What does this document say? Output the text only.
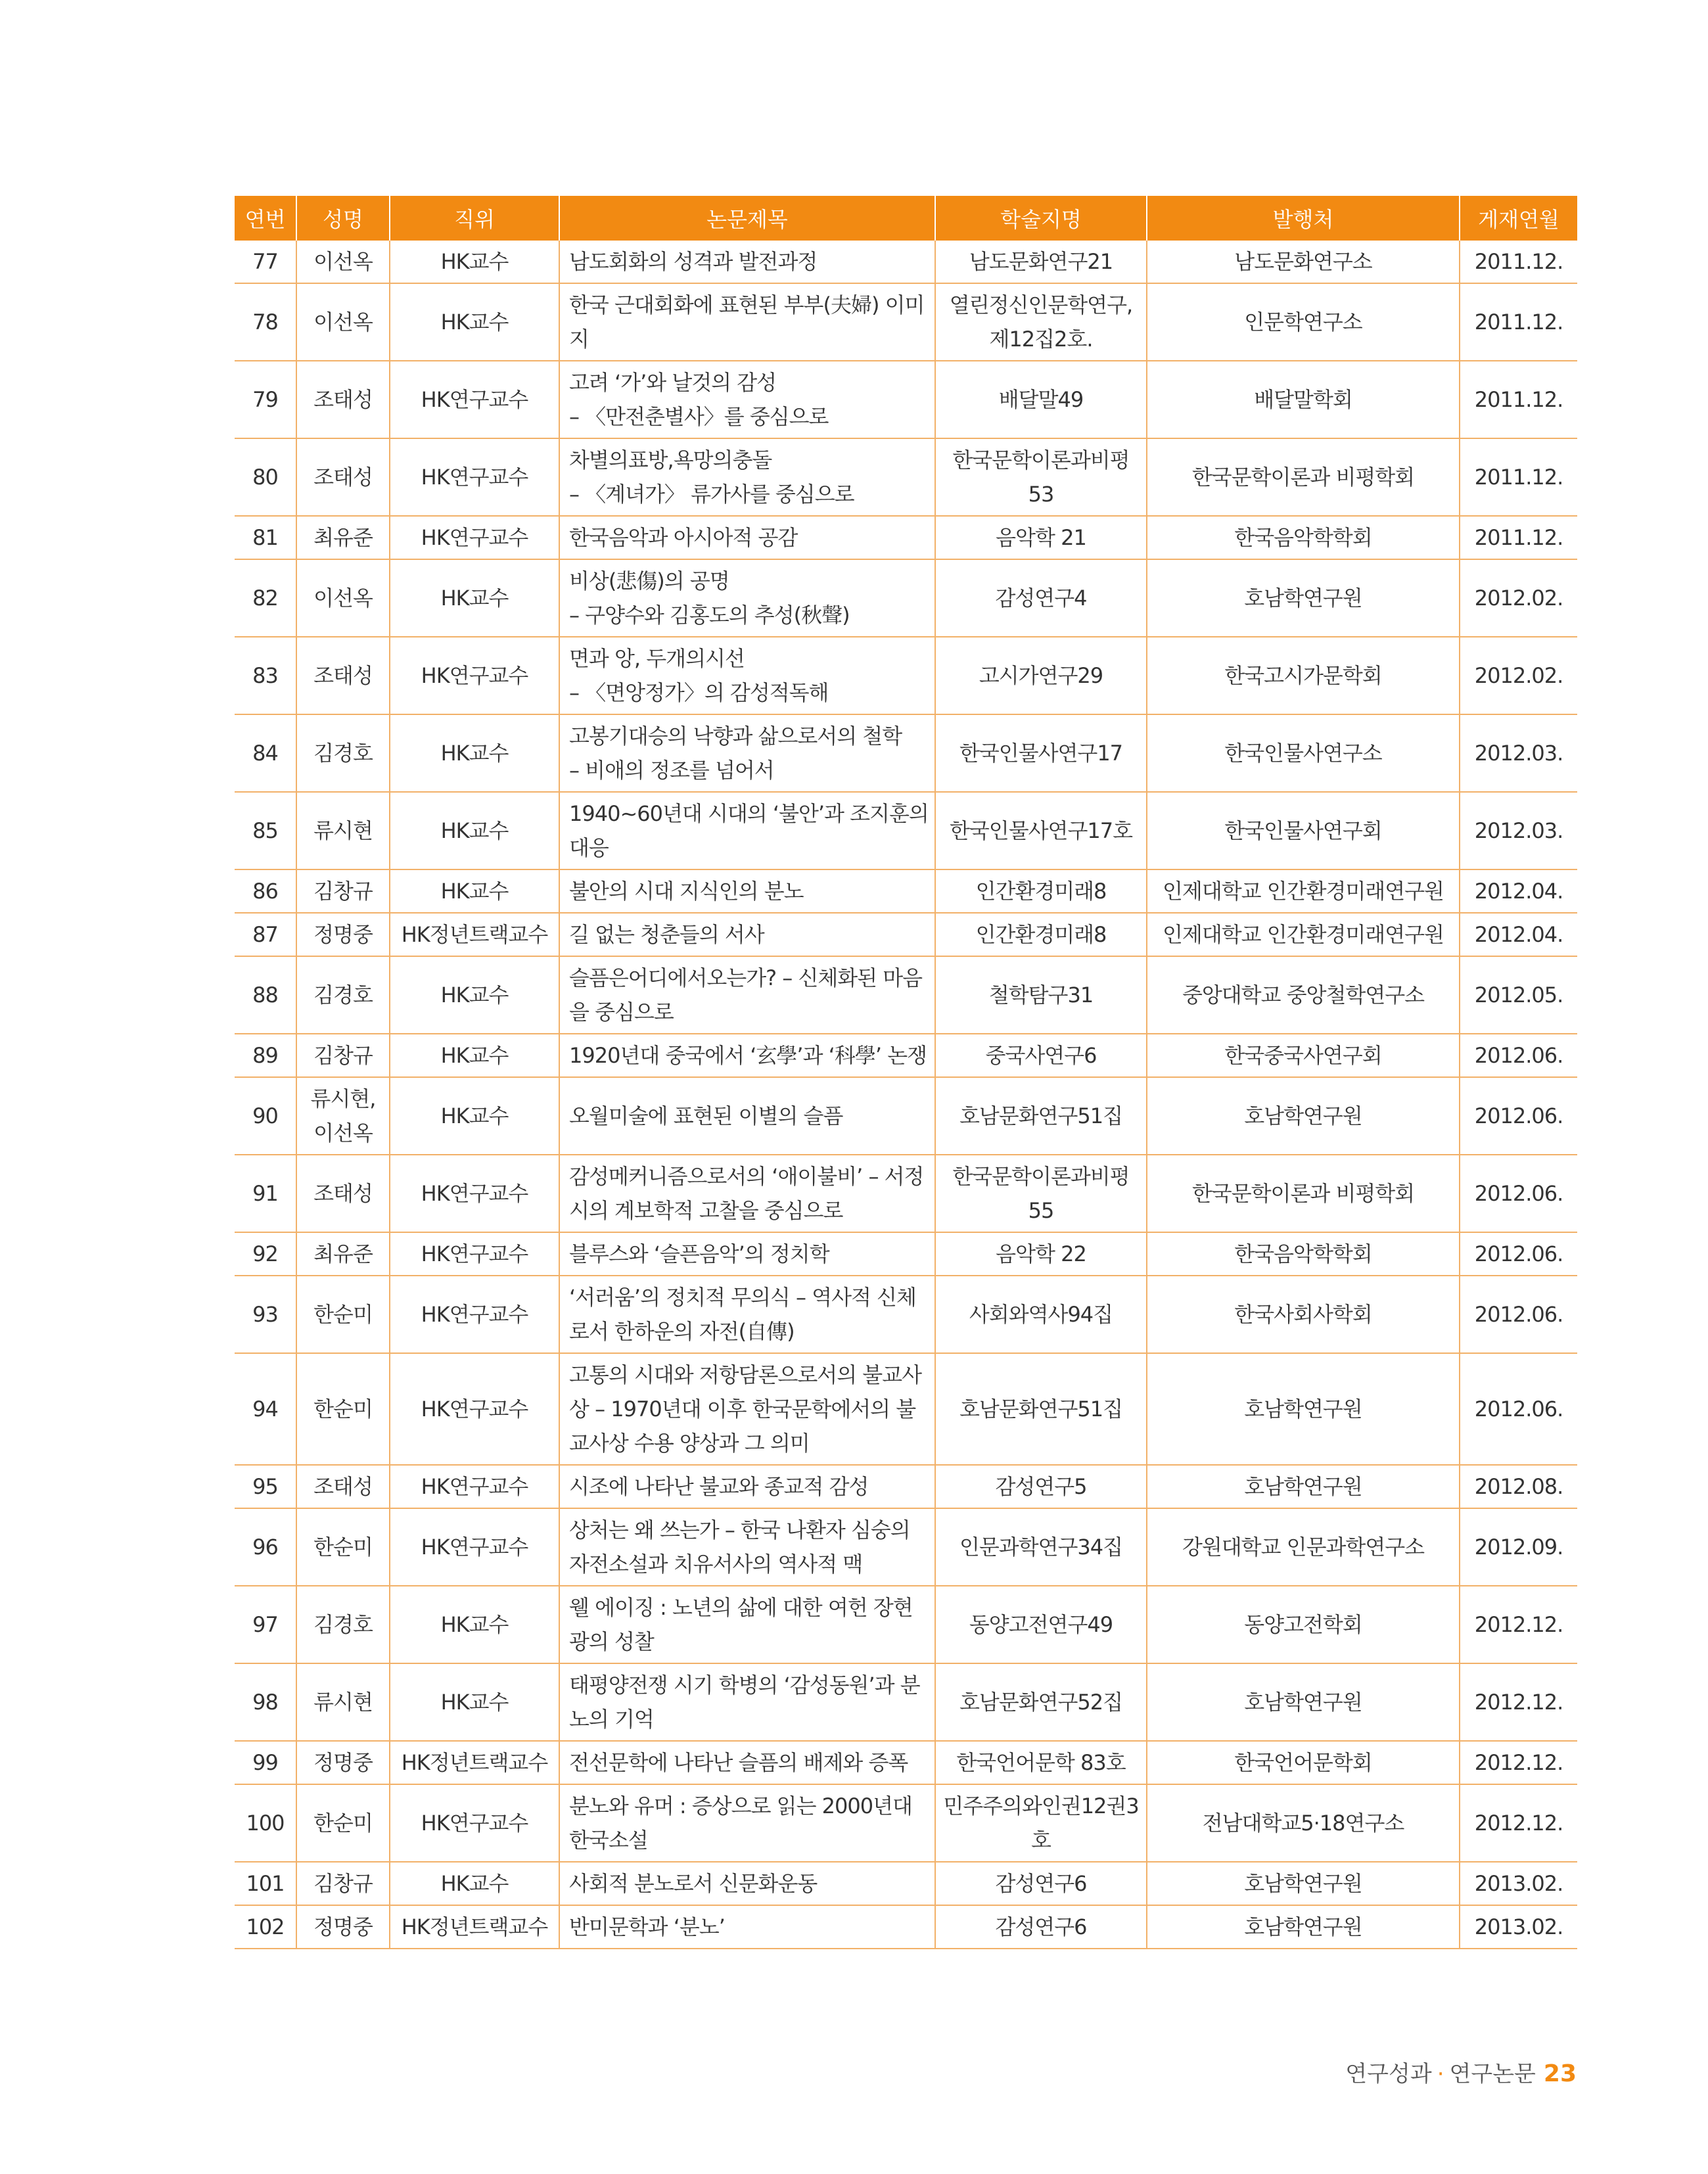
연번	성명	직위	논문제목	학술지명	발행처	게재연월
77	이선옥	HK교수	남도회화의 성격과 발전과정	남도문화연구21	남도문화연구소	2011.12.
78	이선옥	HK교수	한국 근대회화에 표현된 부부(夫婦) 이미지	열린정신인문학연구, 제12집2호.	인문학연구소	2011.12.
79	조태성	HK연구교수	고려 ‘가’와 날것의 감성
– 〈만전춘별사〉를 중심으로	배달말49	배달말학회	2011.12.
80	조태성	HK연구교수	차별의표방,욕망의충돌
– 〈계녀가〉 류가사를 중심으로	한국문학이론과비평53	한국문학이론과 비평학회	2011.12.
81	최유준	HK연구교수	한국음악과 아시아적 공감	음악학 21	한국음악학학회	2011.12.
82	이선옥	HK교수	비상(悲傷)의 공명
– 구양수와 김홍도의 추성(秋聲)	감성연구4	호남학연구원	2012.02.
83	조태성	HK연구교수	면과 앙, 두개의시선
– 〈면앙정가〉의 감성적독해	고시가연구29	한국고시가문학회	2012.02.
84	김경호	HK교수	고봉기대승의 낙향과 삶으로서의 철학
– 비애의 정조를 넘어서	한국인물사연구17	한국인물사연구소	2012.03.
85	류시현	HK교수	1940~60년대 시대의 ‘불안’과 조지훈의 대응	한국인물사연구17호	한국인물사연구회	2012.03.
86	김창규	HK교수	불안의 시대 지식인의 분노	인간환경미래8	인제대학교 인간환경미래연구원	2012.04.
87	정명중	HK정년트랙교수	길 없는 청춘들의 서사	인간환경미래8	인제대학교 인간환경미래연구원	2012.04.
88	김경호	HK교수	슬픔은어디에서오는가? – 신체화된 마음을 중심으로	철학탐구31	중앙대학교 중앙철학연구소	2012.05.
89	김창규	HK교수	1920년대 중국에서 ‘玄學’과 ‘科學’ 논쟁	중국사연구6	한국중국사연구회	2012.06.
90	류시현,
이선옥	HK교수	오월미술에 표현된 이별의 슬픔	호남문화연구51집	호남학연구원	2012.06.
91	조태성	HK연구교수	감성메커니즘으로서의 ‘애이불비’ – 서정시의 계보학적 고찰을 중심으로	한국문학이론과비평55	한국문학이론과 비평학회	2012.06.
92	최유준	HK연구교수	블루스와 ‘슬픈음악’의 정치학	음악학 22	한국음악학학회	2012.06.
93	한순미	HK연구교수	‘서러움’의 정치적 무의식 – 역사적 신체로서 한하운의 자전(自傳)	사회와역사94집	한국사회사학회	2012.06.
94	한순미	HK연구교수	고통의 시대와 저항담론으로서의 불교사상 – 1970년대 이후 한국문학에서의 불교사상 수용 양상과 그 의미	호남문화연구51집	호남학연구원	2012.06.
95	조태성	HK연구교수	시조에 나타난 불교와 종교적 감성	감성연구5	호남학연구원	2012.08.
96	한순미	HK연구교수	상처는 왜 쓰는가 – 한국 나환자 심숭의 자전소설과 치유서사의 역사적 맥	인문과학연구34집	강원대학교 인문과학연구소	2012.09.
97	김경호	HK교수	웰 에이징 : 노년의 삶에 대한 여헌 장현광의 성찰	동양고전연구49	동양고전학회	2012.12.
98	류시현	HK교수	태평양전쟁 시기 학병의 ‘감성동원’과 분노의 기억	호남문화연구52집	호남학연구원	2012.12.
99	정명중	HK정년트랙교수	전선문학에 나타난 슬픔의 배제와 증폭	한국언어문학 83호	한국언어문학회	2012.12.
100	한순미	HK연구교수	분노와 유머 : 증상으로 읽는 2000년대 한국소설	민주주의와인권12권3호	전남대학교5·18연구소	2012.12.
101	김창규	HK교수	사회적 분노로서 신문화운동	감성연구6	호남학연구원	2013.02.
102	정명중	HK정년트랙교수	반미문학과 ‘분노’	감성연구6	호남학연구원	2013.02.
연구성과 · 연구논문 23
